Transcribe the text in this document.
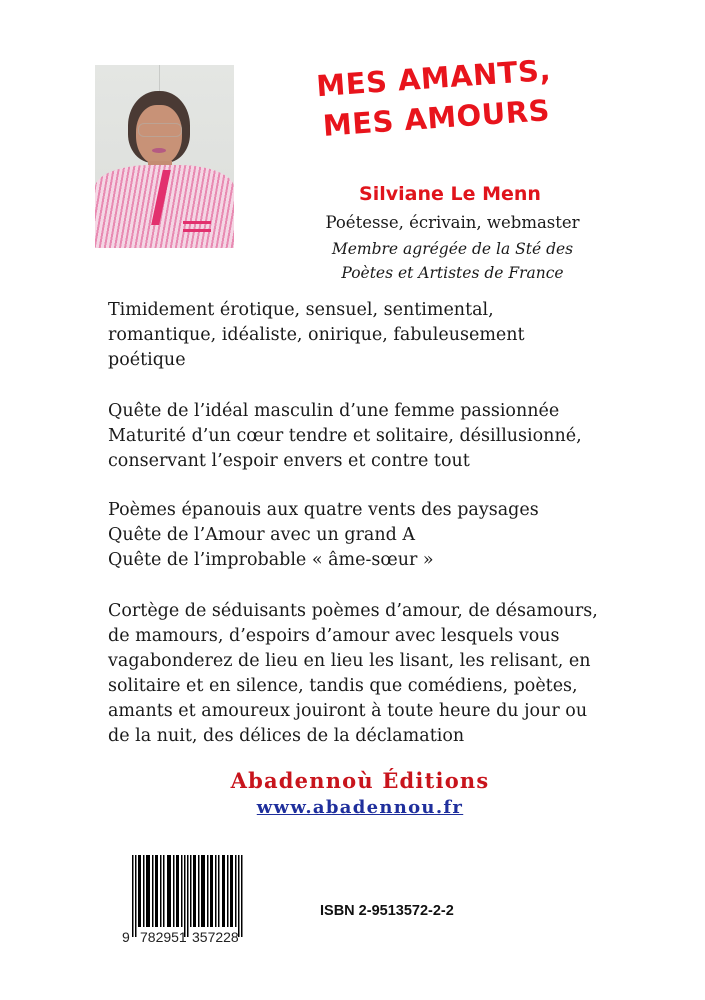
MES AMANTS,
MES AMOURS
Silviane Le Menn
Poétesse, écrivain, webmaster
Membre agrégée de la Sté des
Poètes et Artistes de France

Timidement érotique, sensuel, sentimental,

romantique, idéaliste, onirique, fabuleusement

poétique

Quête de l’idéal masculin d’une femme passionnée

Maturité d’un cœur tendre et solitaire, désillusionné,

conservant l’espoir envers et contre tout

Poèmes épanouis aux quatre vents des paysages

Quête de l’Amour avec un grand A

Quête de l’improbable « âme-sœur »

Cortège de séduisants poèmes d’amour, de désamours,

de mamours, d’espoirs d’amour avec lesquels vous

vagabonderez de lieu en lieu les lisant, les relisant, en

solitaire et en silence, tandis que comédiens, poètes,

amants et amoureux jouiront à toute heure du jour ou

de la nuit, des délices de la déclamation

Abadennoù Éditions
www.abadennou.fr
9 782951 357228
ISBN 2-9513572-2-2
